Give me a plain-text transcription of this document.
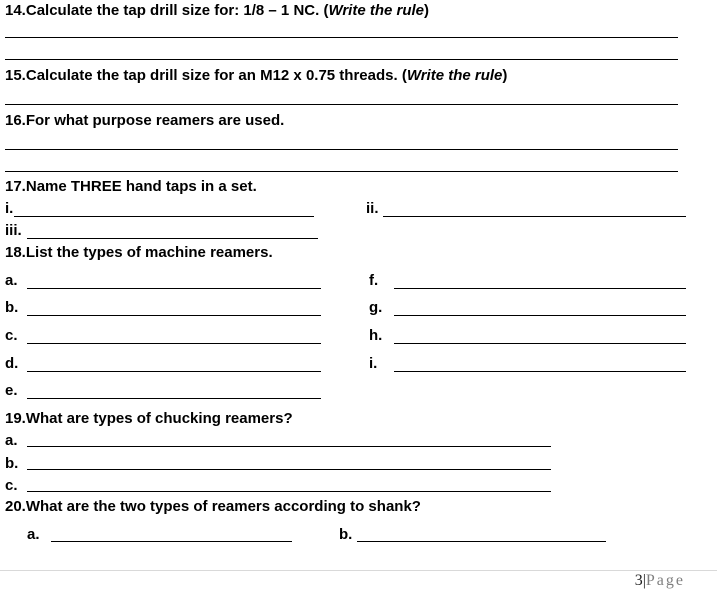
14.Calculate the tap drill size for: 1/8 – 1 NC. (Write the rule)
15.Calculate the tap drill size for an M12 x 0.75 threads. (Write the rule)
16.For what purpose reamers are used.
17.Name THREE hand taps in a set.
i.	ii.
iii.
18.List the types of machine reamers.
a.
b.
c.
d.
e.
f.
g.
h.
i.
19.What are types of chucking reamers?
a.
b.
c.
20.What are the two types of reamers according to shank?
a.	b.
3|Page
